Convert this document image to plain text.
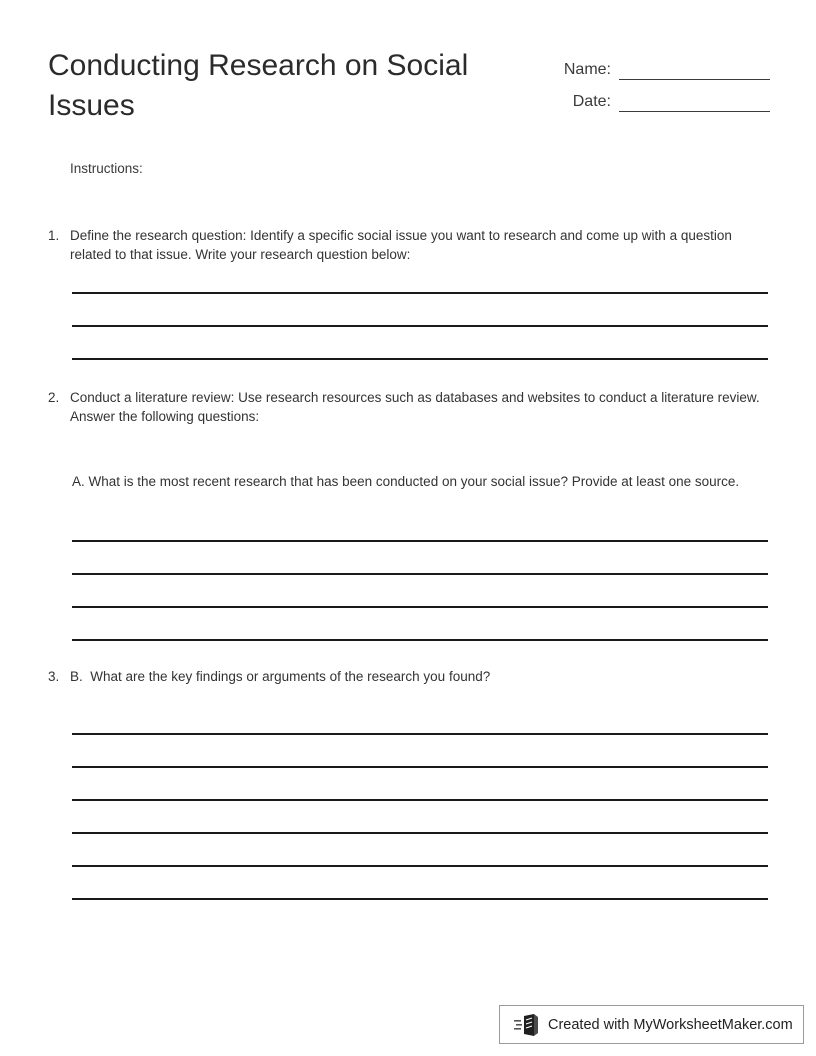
Conducting Research on Social Issues
Name:
Date:
Instructions:
1. Define the research question: Identify a specific social issue you want to research and come up with a question related to that issue. Write your research question below:
2. Conduct a literature review: Use research resources such as databases and websites to conduct a literature review. Answer the following questions:
A. What is the most recent research that has been conducted on your social issue? Provide at least one source.
3. B.  What are the key findings or arguments of the research you found?
Created with MyWorksheetMaker.com
